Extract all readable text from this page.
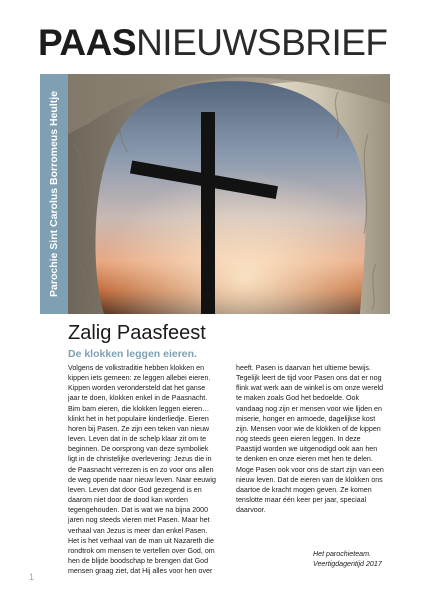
PAASNIEUWSBRIEF
Parochie Sint Carolus Borromeus Heultje
Zalig Paasfeest
De klokken leggen eieren.

Volgens de volkstraditie hebben klokken en

kippen iets gemeen: ze leggen allebei eieren.

Kippen worden verondersteld dat het ganse

jaar te doen, klokken enkel in de Paasnacht.

Bim bam eieren, die klokken leggen eieren…

klinkt het in het populaire kinderliedje. Eieren

horen bij Pasen. Ze zijn een teken van nieuw

leven. Leven dat in de schelp klaar zit om te

beginnen. De oorsprong van deze symboliek

ligt in de christelijke overlevering: Jezus die in

de Paasnacht verrezen is en zo voor ons allen

de weg opende naar nieuw leven. Naar eeuwig

leven. Leven dat door God gezegend is en

daarom niet door de dood kan worden

tegengehouden. Dat is wat we na bijna 2000

jaren nog steeds vieren met Pasen. Maar het

verhaal van Jezus is meer dan enkel Pasen.

Het is het verhaal van de man uit Nazareth die

rondtrok om mensen te vertellen over God, om

hen de blijde boodschap te brengen dat God

mensen graag ziet, dat Hij alles voor hen over

heeft. Pasen is daarvan het ultieme bewijs.

Tegelijk leert de tijd voor Pasen ons dat er nog

flink wat werk aan de winkel is om onze wereld

te maken zoals God het bedoelde. Ook

vandaag nog zijn er mensen voor wie lijden en

miserie, honger en armoede, dagelijkse kost

zijn. Mensen voor wie de klokken of de kippen

nog steeds geen eieren leggen. In deze

Paastijd worden we uitgenodigd ook aan hen

te denken en onze eieren met hen te delen.

Moge Pasen ook voor ons de start zijn van een

nieuw leven. Dat de eieren van de klokken ons

daartoe de kracht mogen geven. Ze komen

tenslotte maar één keer per jaar, speciaal

daarvoor.

Het parochieteam.

Veertigdagentijd 2017

1
